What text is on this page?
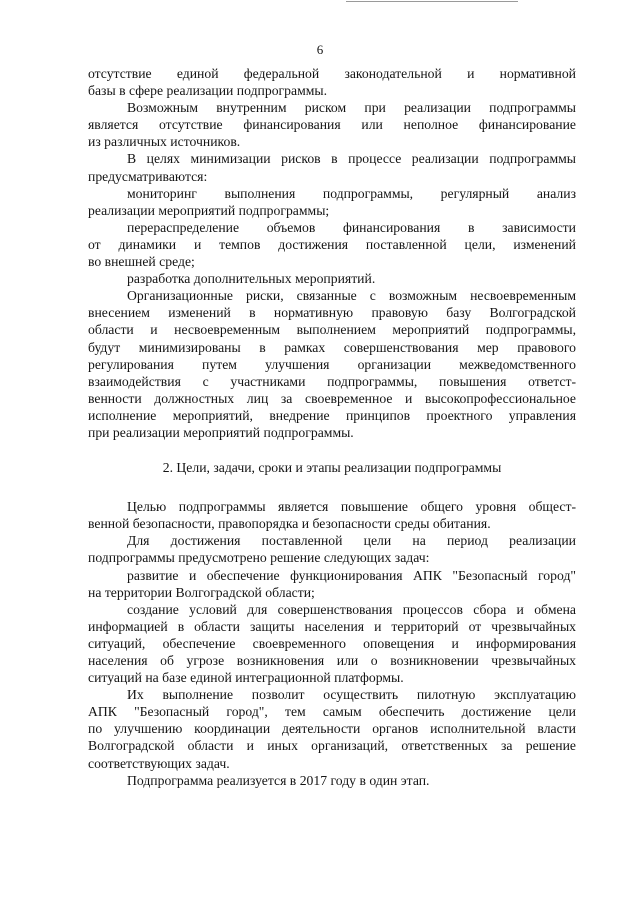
6
отсутствие единой федеральной законодательной и нормативной
базы в сфере реализации подпрограммы.
Возможным внутренним риском при реализации подпрограммы
является отсутствие финансирования или неполное финансирование
из различных источников.
В целях минимизации рисков в процессе реализации подпрограммы
предусматриваются:
мониторинг выполнения подпрограммы, регулярный анализ
реализации мероприятий подпрограммы;
перераспределение объемов финансирования в зависимости
от динамики и темпов достижения поставленной цели, изменений
во внешней среде;
разработка дополнительных мероприятий.
Организационные риски, связанные с возможным несвоевременным
внесением изменений в нормативную правовую базу Волгоградской
области и несвоевременным выполнением мероприятий подпрограммы,
будут минимизированы в рамках совершенствования мер правового
регулирования путем улучшения организации межведомственного
взаимодействия с участниками подпрограммы, повышения ответст-
венности должностных лиц за своевременное и высокопрофессиональное
исполнение мероприятий, внедрение принципов проектного управления
при реализации мероприятий подпрограммы.
2. Цели, задачи, сроки и этапы реализации подпрограммы
Целью подпрограммы является повышение общего уровня общест-
венной безопасности, правопорядка и безопасности среды обитания.
Для достижения поставленной цели на период реализации
подпрограммы предусмотрено решение следующих задач:
развитие и обеспечение функционирования АПК "Безопасный город"
на территории Волгоградской области;
создание условий для совершенствования процессов сбора и обмена
информацией в области защиты населения и территорий от чрезвычайных
ситуаций, обеспечение своевременного оповещения и информирования
населения об угрозе возникновения или о возникновении чрезвычайных
ситуаций на базе единой интеграционной платформы.
Их выполнение позволит осуществить пилотную эксплуатацию
АПК "Безопасный город", тем самым обеспечить достижение цели
по улучшению координации деятельности органов исполнительной власти
Волгоградской области и иных организаций, ответственных за решение
соответствующих задач.
Подпрограмма реализуется в 2017 году в один этап.
